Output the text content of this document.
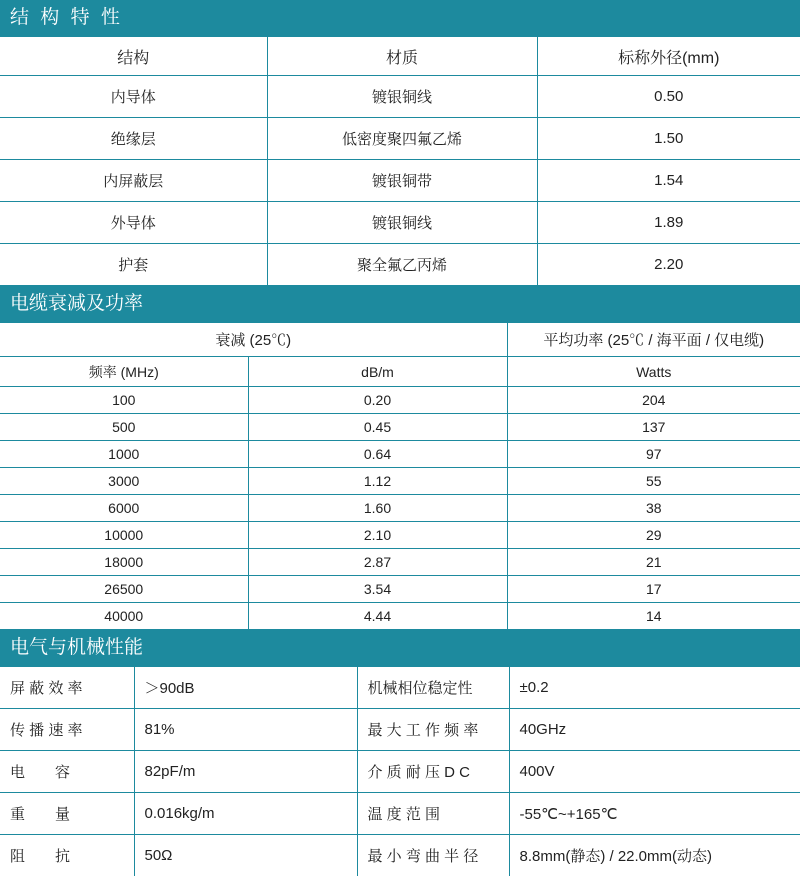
结 构 特 性
结构	材质	标称外径(mm)
内导体	镀银铜线	0.50
绝缘层	低密度聚四氟乙烯	1.50
内屏蔽层	镀银铜带	1.54
外导体	镀银铜线	1.89
护套	聚全氟乙丙烯	2.20
电缆衰减及功率
衰减 (25℃)		平均功率 (25℃ / 海平面 / 仅电缆)
频率 (MHz)	dB/m	Watts
100	0.20	204
500	0.45	137
1000	0.64	97
3000	1.12	55
6000	1.60	38
10000	2.10	29
18000	2.87	21
26500	3.54	17
40000	4.44	14
电气与机械性能
屏 蔽 效 率	＞90dB	机械相位稳定性	±0.2
传 播 速 率	81%	最 大 工 作 频 率	40GHz
电　　容	82pF/m	介 质 耐 压 D C	400V
重　　量	0.016kg/m	温 度 范 围	-55℃~+165℃
阻　　抗	50Ω	最 小 弯 曲 半 径	8.8mm(静态) / 22.0mm(动态)
